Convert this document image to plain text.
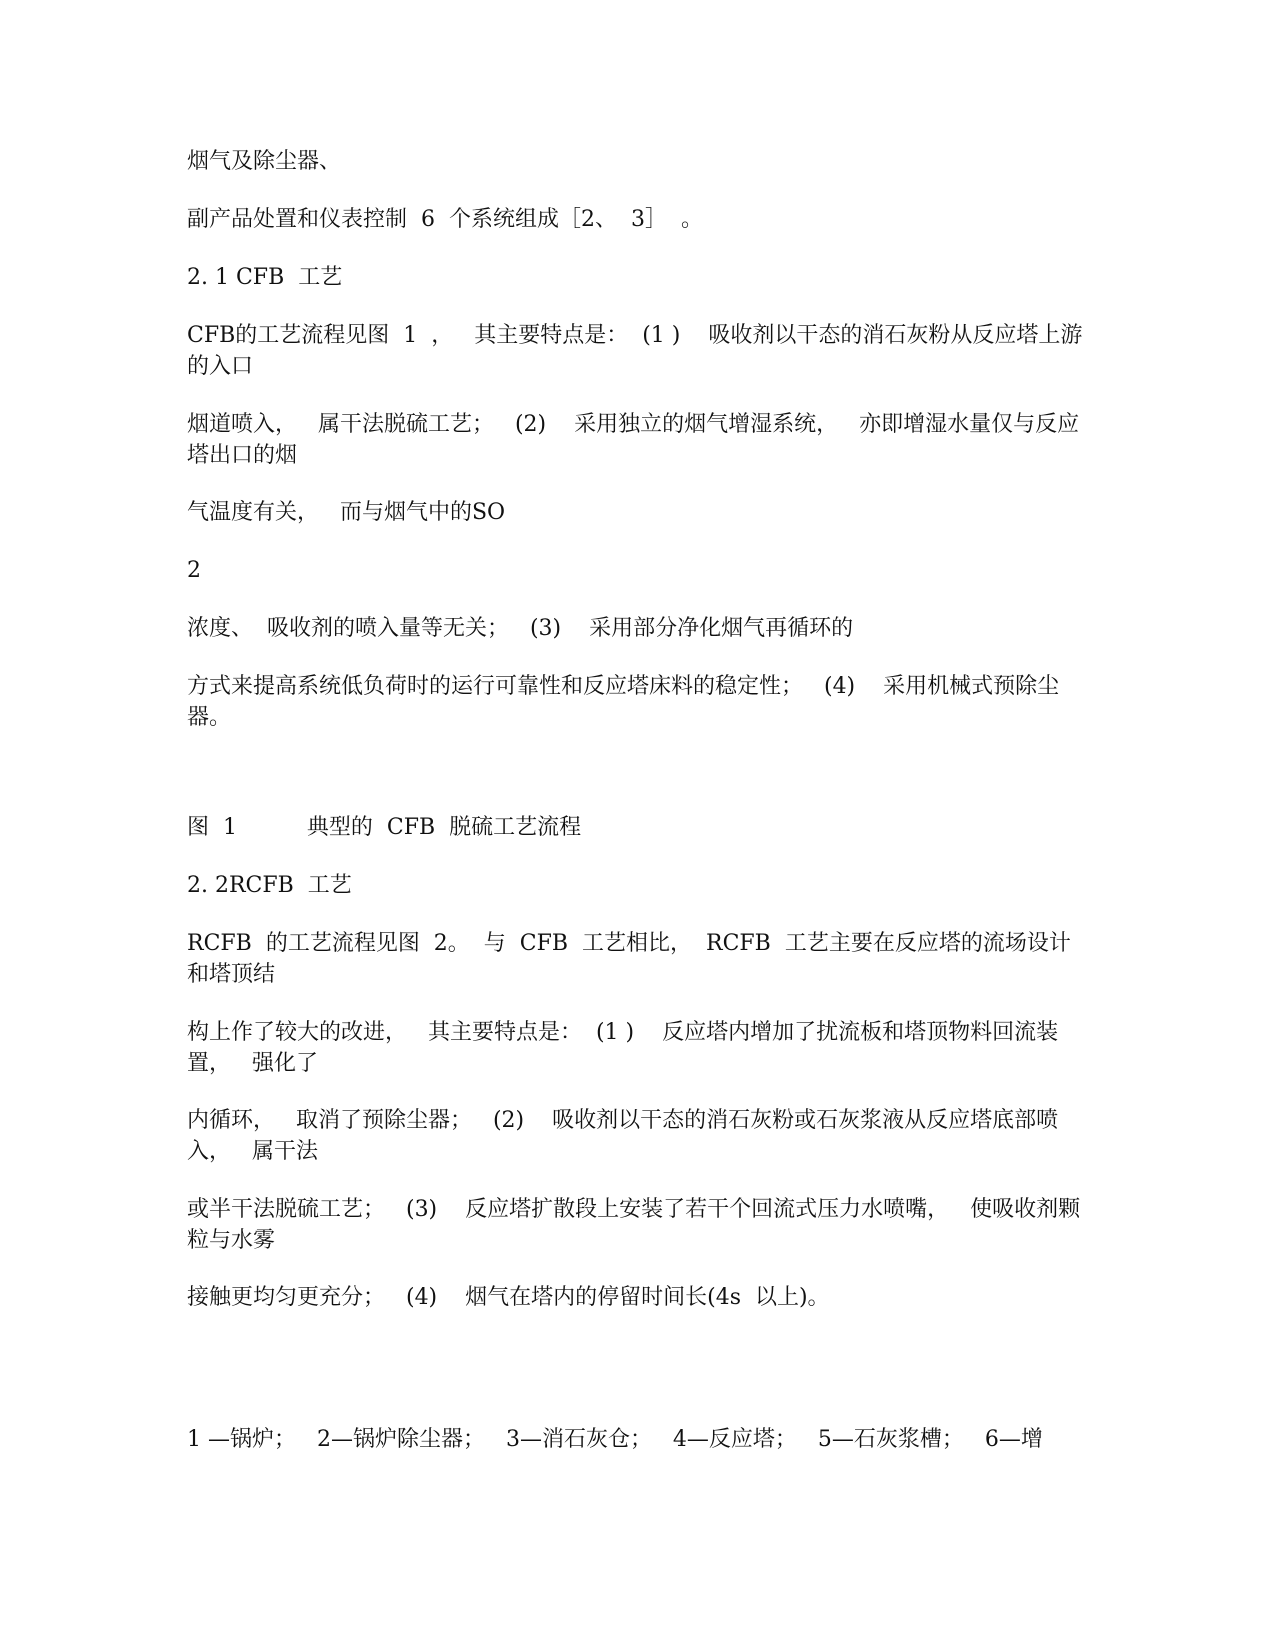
烟气及除尘器、
副产品处置和仪表控制  6  个系统组成［2、  3］  。
2. 1 CFB  工艺
CFB的工艺流程见图  1  ，   其主要特点是：  (1 )    吸收剂以干态的消石灰粉从反应塔上游的入口
烟道喷入，   属干法脱硫工艺；   (2)    采用独立的烟气增湿系统，   亦即增湿水量仅与反应塔出口的烟
气温度有关，   而与烟气中的SO
2
浓度、  吸收剂的喷入量等无关；   (3)    采用部分净化烟气再循环的
方式来提高系统低负荷时的运行可靠性和反应塔床料的稳定性；   (4)    采用机械式预除尘器。
图  1          典型的  CFB  脱硫工艺流程
2. 2RCFB  工艺
RCFB  的工艺流程见图  2。  与  CFB  工艺相比，  RCFB  工艺主要在反应塔的流场设计和塔顶结
构上作了较大的改进，   其主要特点是：  (1 )    反应塔内增加了扰流板和塔顶物料回流装置，   强化了
内循环，   取消了预除尘器；   (2)    吸收剂以干态的消石灰粉或石灰浆液从反应塔底部喷入，   属干法
或半干法脱硫工艺；   (3)    反应塔扩散段上安装了若干个回流式压力水喷嘴，   使吸收剂颗粒与水雾
接触更均匀更充分；   (4)    烟气在塔内的停留时间长(4s  以上)。
1 —锅炉；   2—锅炉除尘器；   3—消石灰仓；   4—反应塔；   5—石灰浆槽；   6—增
